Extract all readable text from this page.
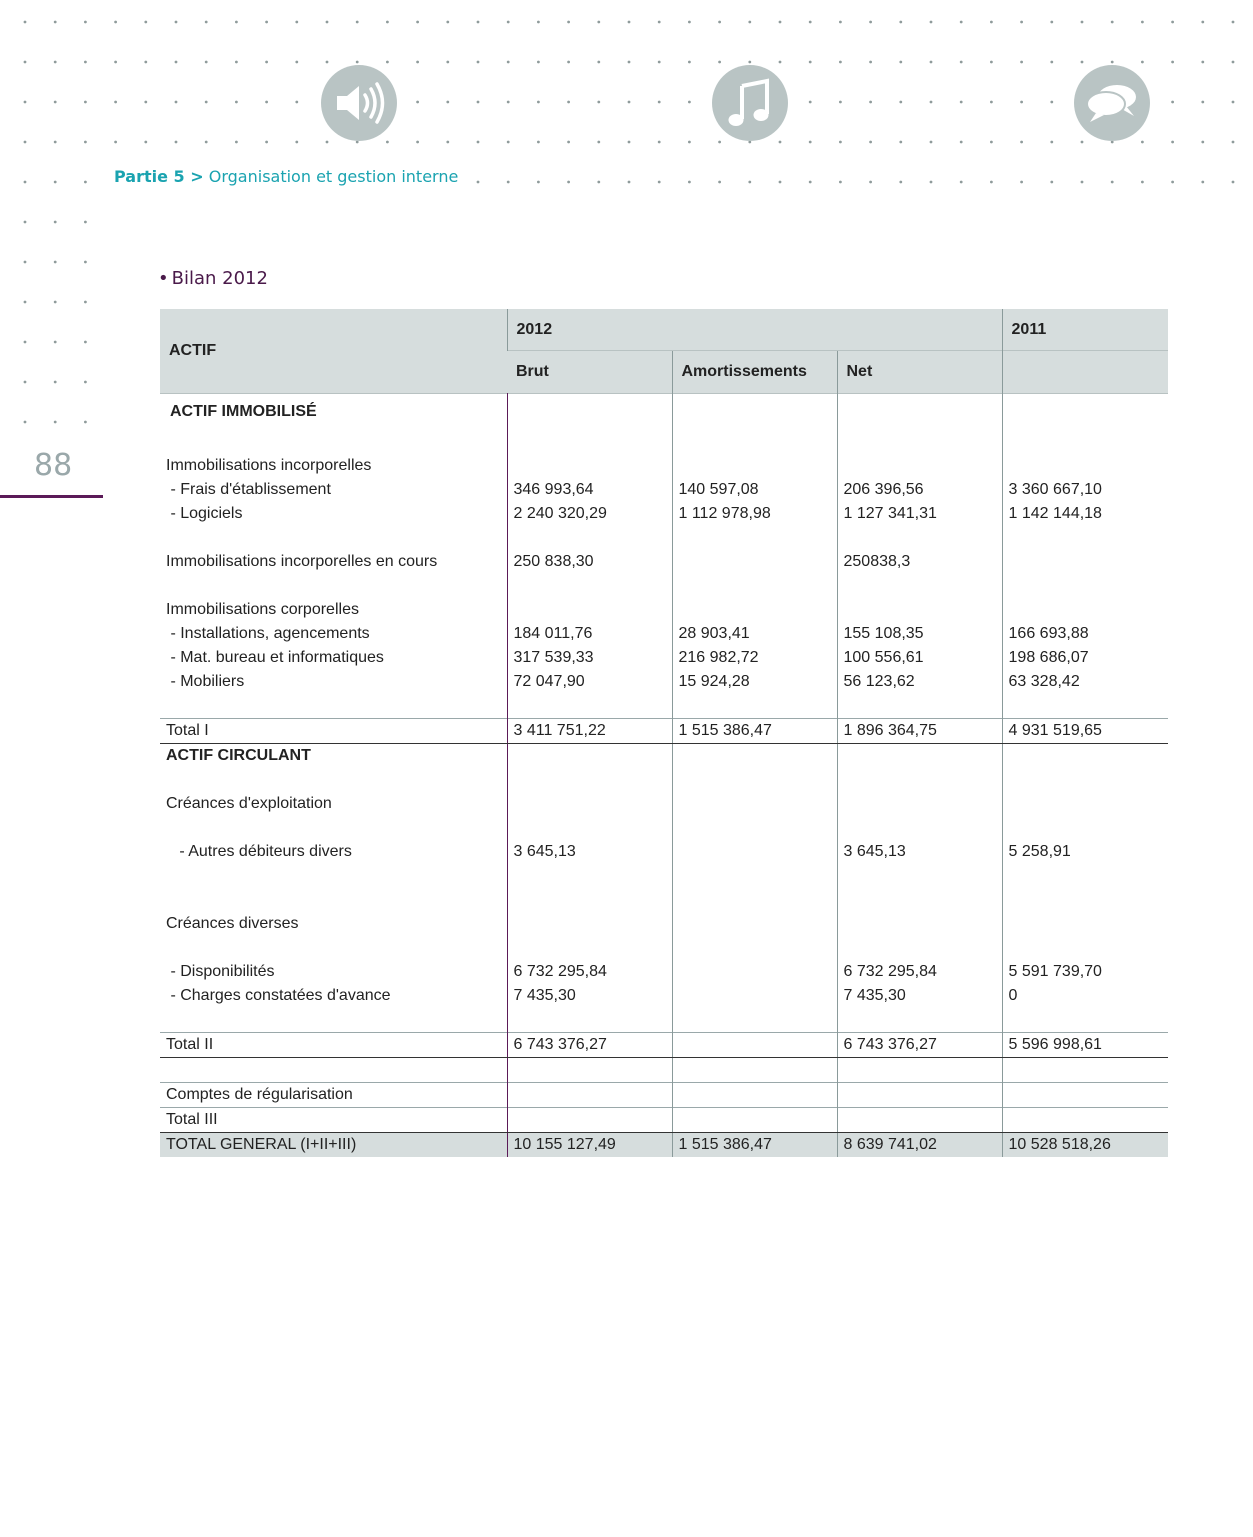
Partie 5 > Organisation et gestion interne
88
• Bilan 2012
ACTIF	2012			2011
	Brut	Amortissements	Net	
ACTIF IMMOBILISÉ				

Immobilisations incorporelles				
- Frais d'établissement	346 993,64	140 597,08	206 396,56	3 360 667,10
- Logiciels	2 240 320,29	1 112 978,98	1 127 341,31	1 142 144,18

Immobilisations incorporelles en cours	250 838,30		250838,3	

Immobilisations corporelles				
- Installations, agencements	184 011,76	28 903,41	155 108,35	166 693,88
- Mat. bureau et informatiques	317 539,33	216 982,72	100 556,61	198 686,07
- Mobiliers	72 047,90	15 924,28	56 123,62	63 328,42

Total I	3 411 751,22	1 515 386,47	1 896 364,75	4 931 519,65
ACTIF CIRCULANT				

Créances d'exploitation				

- Autres débiteurs divers	3 645,13		3 645,13	5 258,91

Créances diverses				

- Disponibilités	6 732 295,84		6 732 295,84	5 591 739,70
- Charges constatées d'avance	7 435,30		7 435,30	0

Total II	6 743 376,27		6 743 376,27	5 596 998,61

Comptes de régularisation				
Total III				
TOTAL GENERAL (I+II+III)	10 155 127,49	1 515 386,47	8 639 741,02	10 528 518,26
